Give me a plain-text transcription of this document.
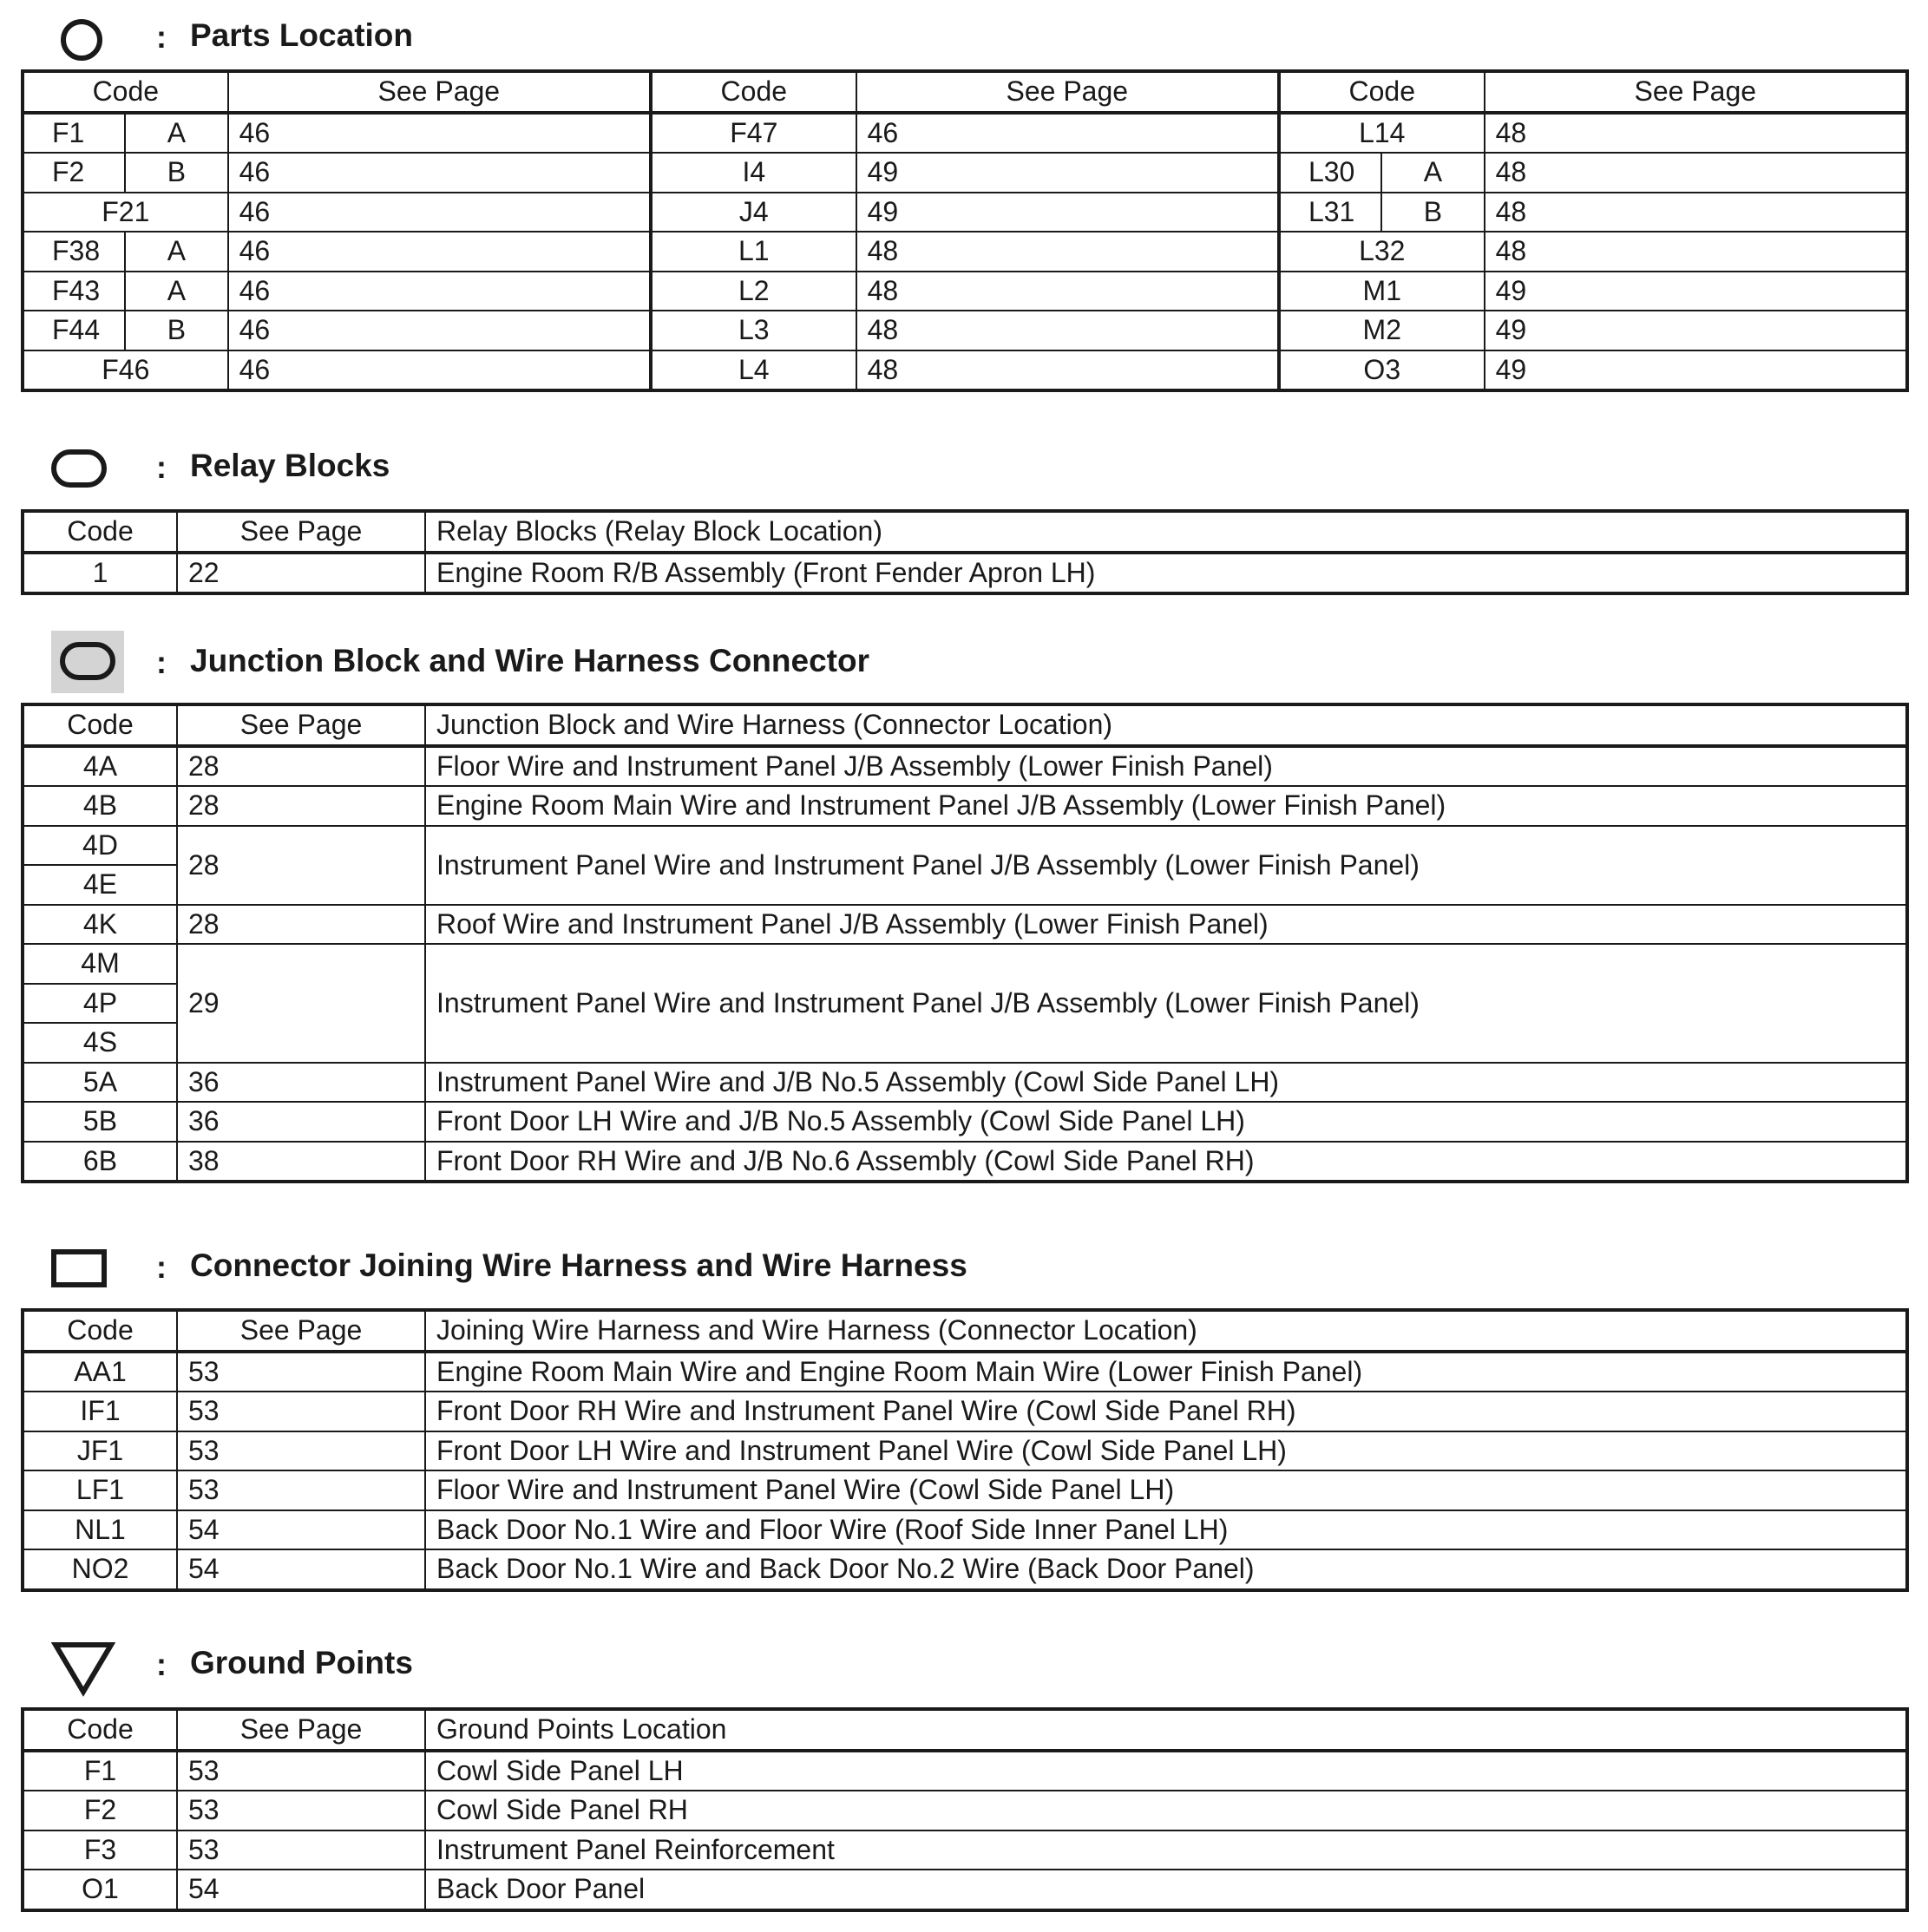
: Parts Location
Code		See Page	Code	See Page	Code		See Page
F1	A	46	F47	46	L14		48
F2	B	46	I4	49	L30	A	48
F21		46	J4	49	L31	B	48
F38	A	46	L1	48	L32		48
F43	A	46	L2	48	M1		49
F44	B	46	L3	48	M2		49
F46		46	L4	48	O3		49
: Relay Blocks
Code	See Page	Relay Blocks (Relay Block Location)
1	22	Engine Room R/B Assembly (Front Fender Apron LH)
: Junction Block and Wire Harness Connector
Code	See Page	Junction Block and Wire Harness (Connector Location)
4A	28	Floor Wire and Instrument Panel J/B Assembly (Lower Finish Panel)
4B	28	Engine Room Main Wire and Instrument Panel J/B Assembly (Lower Finish Panel)
4D	28	Instrument Panel Wire and Instrument Panel J/B Assembly (Lower Finish Panel)
4E		
4K	28	Roof Wire and Instrument Panel J/B Assembly (Lower Finish Panel)
4M	29	Instrument Panel Wire and Instrument Panel J/B Assembly (Lower Finish Panel)
4P		
4S		
5A	36	Instrument Panel Wire and J/B No.5 Assembly (Cowl Side Panel LH)
5B	36	Front Door LH Wire and J/B No.5 Assembly (Cowl Side Panel LH)
6B	38	Front Door RH Wire and J/B No.6 Assembly (Cowl Side Panel RH)
: Connector Joining Wire Harness and Wire Harness
Code	See Page	Joining Wire Harness and Wire Harness (Connector Location)
AA1	53	Engine Room Main Wire and Engine Room Main Wire (Lower Finish Panel)
IF1	53	Front Door RH Wire and Instrument Panel Wire (Cowl Side Panel RH)
JF1	53	Front Door LH Wire and Instrument Panel Wire (Cowl Side Panel LH)
LF1	53	Floor Wire and Instrument Panel Wire (Cowl Side Panel LH)
NL1	54	Back Door No.1 Wire and Floor Wire (Roof Side Inner Panel LH)
NO2	54	Back Door No.1 Wire and Back Door No.2 Wire (Back Door Panel)
: Ground Points
Code	See Page	Ground Points Location
F1	53	Cowl Side Panel LH
F2	53	Cowl Side Panel RH
F3	53	Instrument Panel Reinforcement
O1	54	Back Door Panel
